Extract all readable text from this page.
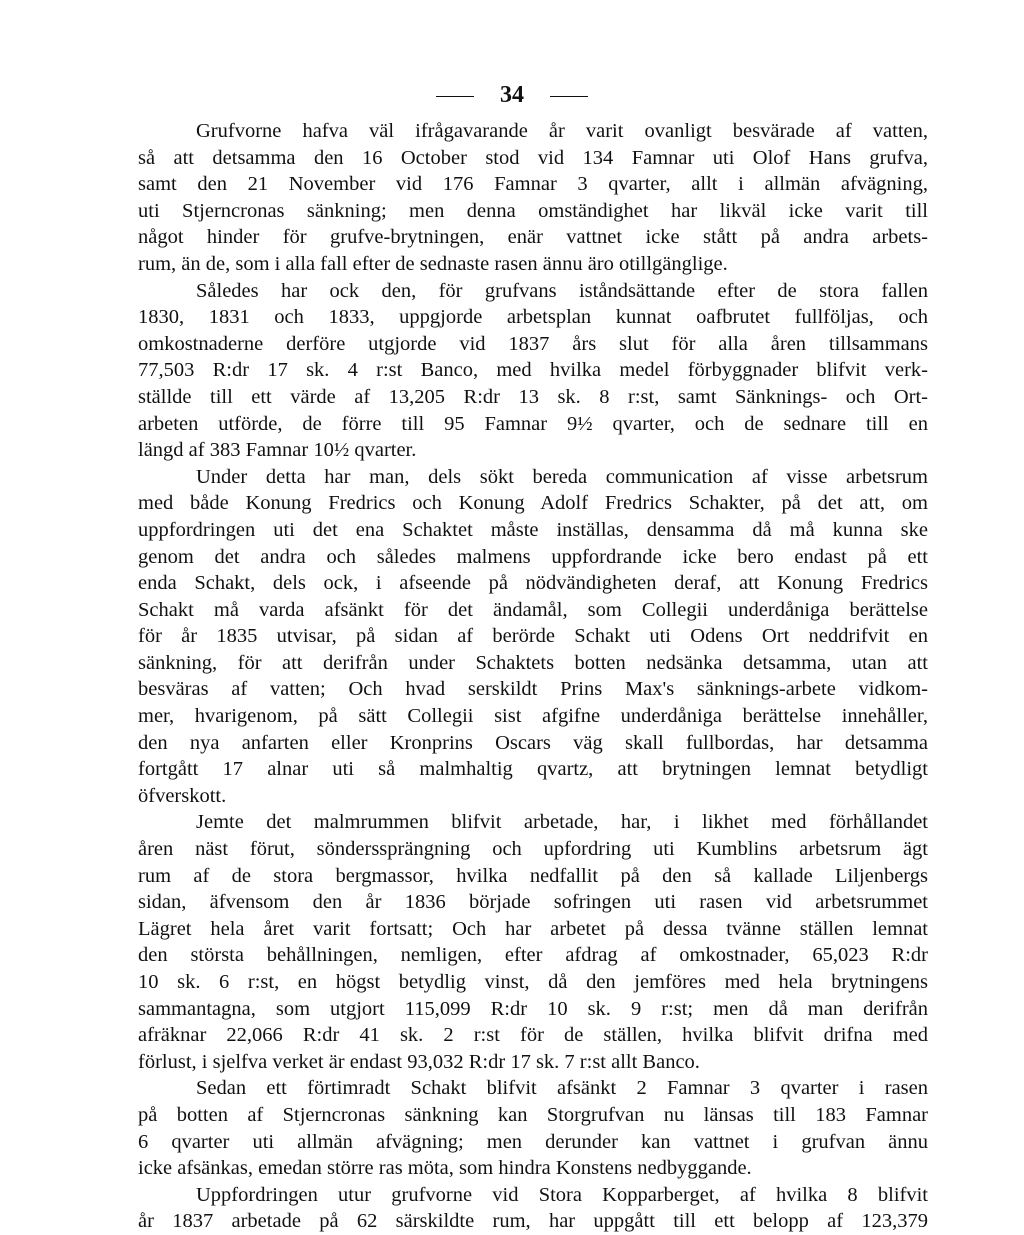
34
Grufvorne hafva väl ifrågavarande år varit ovanligt besvärade af vatten,
så att detsamma den 16 October stod vid 134 Famnar uti Olof Hans grufva,
samt den 21 November vid 176 Famnar 3 qvarter, allt i allmän afvägning,
uti Stjerncronas sänkning; men denna omständighet har likväl icke varit till
något hinder för grufve-brytningen, enär vattnet icke stått på andra arbets-
rum, än de, som i alla fall efter de sednaste rasen ännu äro otillgänglige.
Således har ock den, för grufvans iståndsättande efter de stora fallen
1830, 1831 och 1833, uppgjorde arbetsplan kunnat oafbrutet fullföljas, och
omkostnaderne derföre utgjorde vid 1837 års slut för alla åren tillsammans
77,503 R:dr 17 sk. 4 r:st Banco, med hvilka medel förbyggnader blifvit verk-
ställde till ett värde af 13,205 R:dr 13 sk. 8 r:st, samt Sänknings- och Ort-
arbeten utförde, de förre till 95 Famnar 9½ qvarter, och de sednare till en
längd af 383 Famnar 10½ qvarter.
Under detta har man, dels sökt bereda communication af visse arbetsrum
med både Konung Fredrics och Konung Adolf Fredrics Schakter, på det att, om
uppfordringen uti det ena Schaktet måste inställas, densamma då må kunna ske
genom det andra och således malmens uppfordrande icke bero endast på ett
enda Schakt, dels ock, i afseende på nödvändigheten deraf, att Konung Fredrics
Schakt må varda afsänkt för det ändamål, som Collegii underdåniga berättelse
för år 1835 utvisar, på sidan af berörde Schakt uti Odens Ort neddrifvit en
sänkning, för att derifrån under Schaktets botten nedsänka detsamma, utan att
besväras af vatten; Och hvad serskildt Prins Max's sänknings-arbete vidkom-
mer, hvarigenom, på sätt Collegii sist afgifne underdåniga berättelse innehåller,
den nya anfarten eller Kronprins Oscars väg skall fullbordas, har detsamma
fortgått 17 alnar uti så malmhaltig qvartz, att brytningen lemnat betydligt
öfverskott.
Jemte det malmrummen blifvit arbetade, har, i likhet med förhållandet
åren näst förut, sönderssprängning och upfordring uti Kumblins arbetsrum ägt
rum af de stora bergmassor, hvilka nedfallit på den så kallade Liljenbergs
sidan, äfvensom den år 1836 började sofringen uti rasen vid arbetsrummet
Lägret hela året varit fortsatt; Och har arbetet på dessa tvänne ställen lemnat
den största behållningen, nemligen, efter afdrag af omkostnader, 65,023 R:dr
10 sk. 6 r:st, en högst betydlig vinst, då den jemföres med hela brytningens
sammantagna, som utgjort 115,099 R:dr 10 sk. 9 r:st; men då man derifrån
afräknar 22,066 R:dr 41 sk. 2 r:st för de ställen, hvilka blifvit drifna med
förlust, i sjelfva verket är endast 93,032 R:dr 17 sk. 7 r:st allt Banco.
Sedan ett förtimradt Schakt blifvit afsänkt 2 Famnar 3 qvarter i rasen
på botten af Stjerncronas sänkning kan Storgrufvan nu länsas till 183 Famnar
6 qvarter uti allmän afvägning; men derunder kan vattnet i grufvan ännu
icke afsänkas, emedan större ras möta, som hindra Konstens nedbyggande.
Uppfordringen utur grufvorne vid Stora Kopparberget, af hvilka 8 blifvit
år 1837 arbetade på 62 särskildte rum, har uppgått till ett belopp af 123,379
